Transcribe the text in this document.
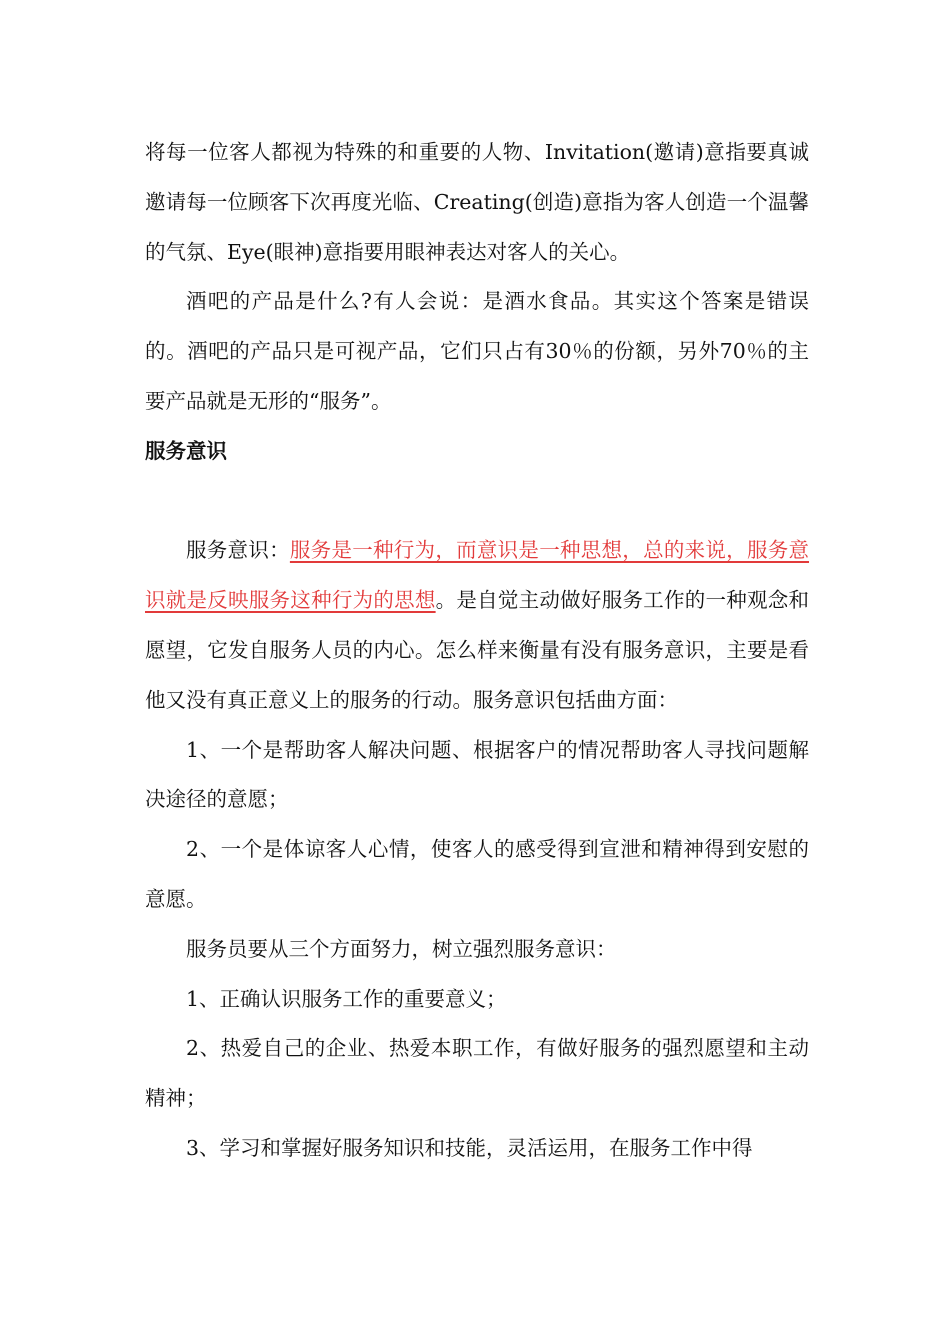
将每一位客人都视为特殊的和重要的人物、Invitation(邀请)意指要真诚邀请每一位顾客下次再度光临、Creating(创造)意指为客人创造一个温馨的气氛、Eye(眼神)意指要用眼神表达对客人的关心。

酒吧的产品是什么?有人会说：是酒水食品。其实这个答案是错误的。酒吧的产品只是可视产品，它们只占有30％的份额，另外70％的主要产品就是无形的“服务”。

服务意识

服务意识：服务是一种行为，而意识是一种思想，总的来说，服务意识就是反映服务这种行为的思想。是自觉主动做好服务工作的一种观念和愿望，它发自服务人员的内心。怎么样来衡量有没有服务意识，主要是看他又没有真正意义上的服务的行动。服务意识包括曲方面：

1、一个是帮助客人解决问题、根据客户的情况帮助客人寻找问题解决途径的意愿；

2、一个是体谅客人心情，使客人的感受得到宣泄和精神得到安慰的意愿。

服务员要从三个方面努力，树立强烈服务意识：

1、正确认识服务工作的重要意义；

2、热爱自己的企业、热爱本职工作，有做好服务的强烈愿望和主动精神；

3、学习和掌握好服务知识和技能，灵活运用，在服务工作中得
